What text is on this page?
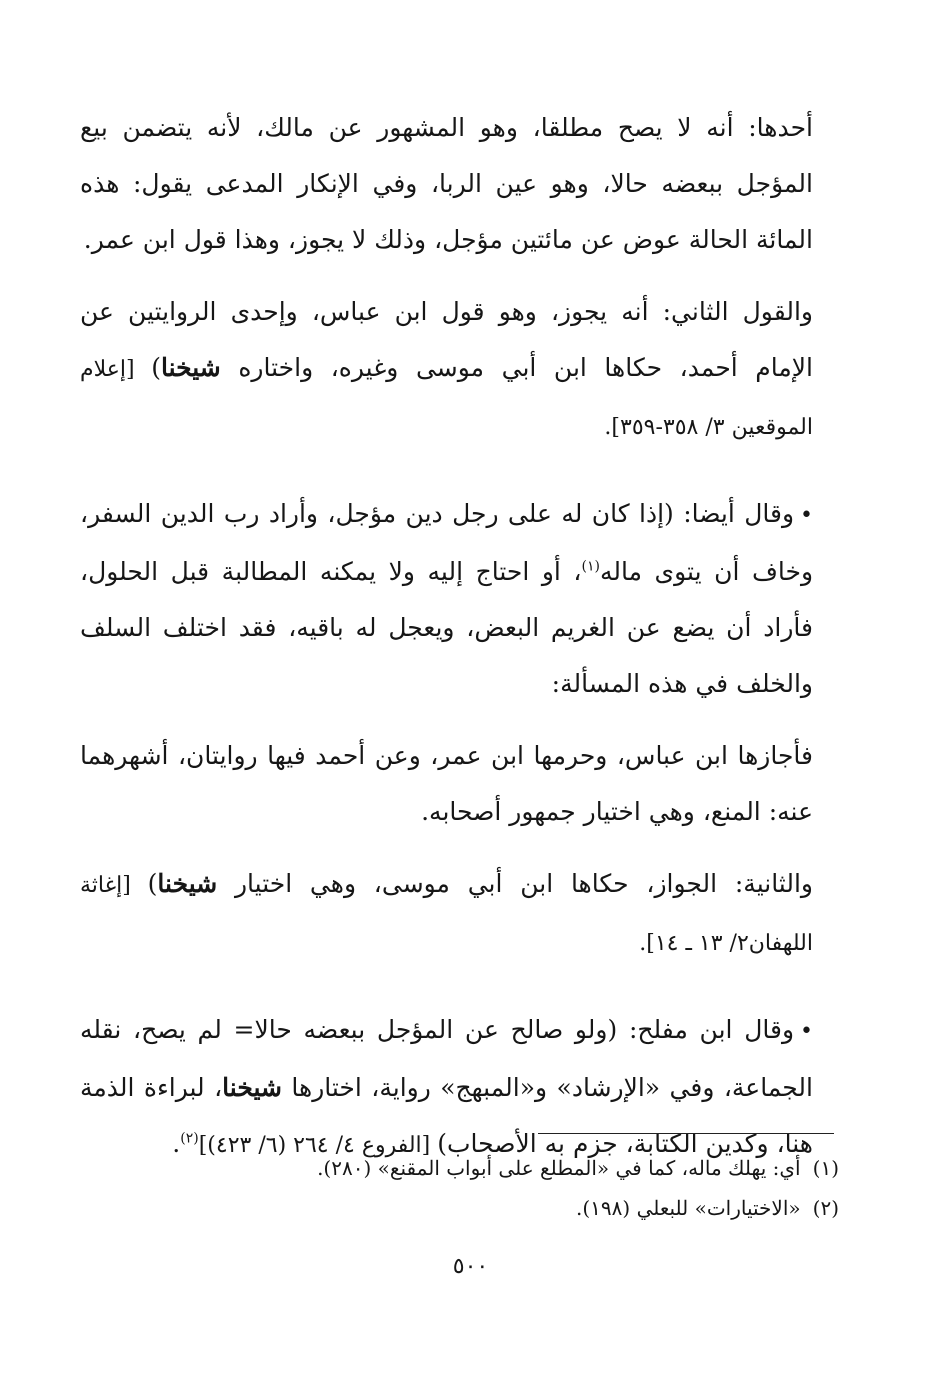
أحدها: أنه لا يصح مطلقا، وهو المشهور عن مالك، لأنه يتضمن بيع المؤجل ببعضه حالا، وهو عين الربا، وفي الإنكار المدعى يقول: هذه المائة الحالة عوض عن مائتين مؤجل، وذلك لا يجوز، وهذا قول ابن عمر.

والقول الثاني: أنه يجوز، وهو قول ابن عباس، وإحدى الروايتين عن الإمام أحمد، حكاها ابن أبي موسى وغيره، واختاره شيخنا) [إعلام الموقعين ٣/ ٣٥٨-٣٥٩].

•وقال أيضا: (إذا كان له على رجل دين مؤجل، وأراد رب الدين السفر، وخاف أن يتوى ماله$^{(١)}$، أو احتاج إليه ولا يمكنه المطالبة قبل الحلول، فأراد أن يضع عن الغريم البعض، ويعجل له باقيه، فقد اختلف السلف والخلف في هذه المسألة:

فأجازها ابن عباس، وحرمها ابن عمر، وعن أحمد فيها روايتان، أشهرهما عنه: المنع، وهي اختيار جمهور أصحابه.

والثانية: الجواز، حكاها ابن أبي موسى، وهي اختيار شيخنا) [إغاثة اللهفان٢/ ١٣ ـ ١٤].

•وقال ابن مفلح: (ولو صالح عن المؤجل ببعضه حالا= لم يصح، نقله الجماعة، وفي «الإرشاد» و«المبهج» رواية، اختارها شيخنا، لبراءة الذمة هنا، وكدين الكتابة، جزم به الأصحاب) [الفروع ٤/ ٢٦٤ (٦/ ٤٢٣)]$^{(٢)}$.

(١)أي: يهلك ماله، كما في «المطلع على أبواب المقنع» (٢٨٠).

(٢)«الاختيارات» للبعلي (١٩٨).

٥٠٠
